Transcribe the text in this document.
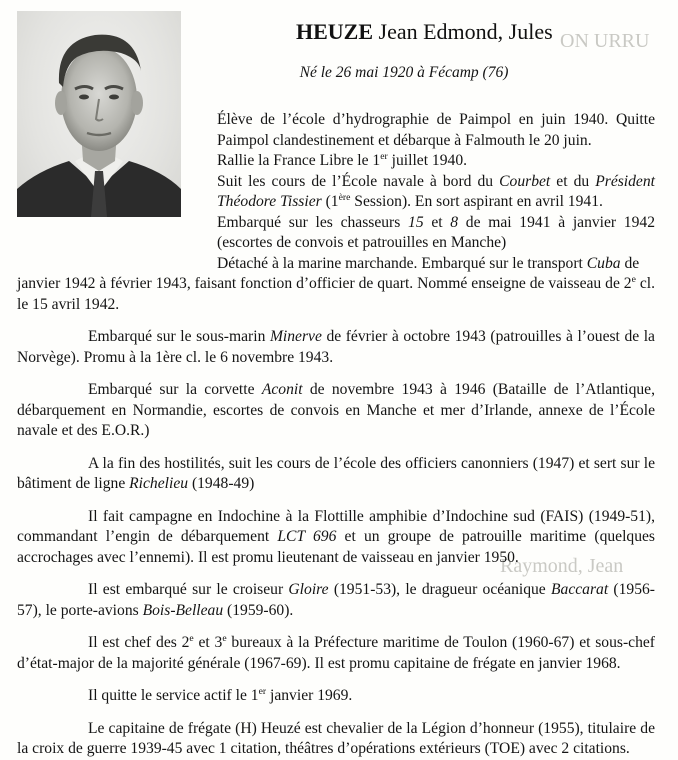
ON URRU
Raymond, Jean
HEUZE Jean Edmond, Jules
Né le 26 mai 1920 à Fécamp (76)

Élève de l’école d’hydrographie de Paimpol en juin 1940. Quitte Paimpol clandestinement et débarque à Falmouth le 20 juin.

Rallie la France Libre le 1er juillet 1940.

Suit les cours de l’École navale à bord du Courbet et du Président Théodore Tissier (1ère Session). En sort aspirant en avril 1941.

Embarqué sur les chasseurs 15 et 8 de mai 1941 à janvier 1942 (escortes de convois et patrouilles en Manche)

Détaché à la marine marchande. Embarqué sur le transport Cuba de

janvier 1942 à février 1943, faisant fonction d’officier de quart. Nommé enseigne de vaisseau de 2e cl. le 15 avril 1942.

Embarqué sur le sous-marin Minerve de février à octobre 1943 (patrouilles à l’ouest de la Norvège). Promu à la 1ère cl. le 6 novembre 1943.

Embarqué sur la corvette Aconit de novembre 1943 à 1946 (Bataille de l’Atlantique, débarquement en Normandie, escortes de convois en Manche et mer d’Irlande, annexe de l’École navale et des E.O.R.)

A la fin des hostilités, suit les cours de l’école des officiers canonniers (1947) et sert sur le bâtiment de ligne Richelieu (1948-49)

Il fait campagne en Indochine à la Flottille amphibie d’Indochine sud (FAIS) (1949-51), commandant l’engin de débarquement LCT 696 et un groupe de patrouille maritime (quelques accrochages avec l’ennemi). Il est promu lieutenant de vaisseau en janvier 1950.

Il est embarqué sur le croiseur Gloire (1951-53), le dragueur océanique Baccarat (1956-57), le porte-avions Bois-Belleau (1959-60).

Il est chef des 2e et 3e bureaux à la Préfecture maritime de Toulon (1960-67) et sous-chef d’état-major de la majorité générale (1967-69). Il est promu capitaine de frégate en janvier 1968.

Il quitte le service actif le 1er janvier 1969.

Le capitaine de frégate (H) Heuzé est chevalier de la Légion d’honneur (1955), titulaire de la croix de guerre 1939-45 avec 1 citation, théâtres d’opérations extérieurs (TOE) avec 2 citations.
